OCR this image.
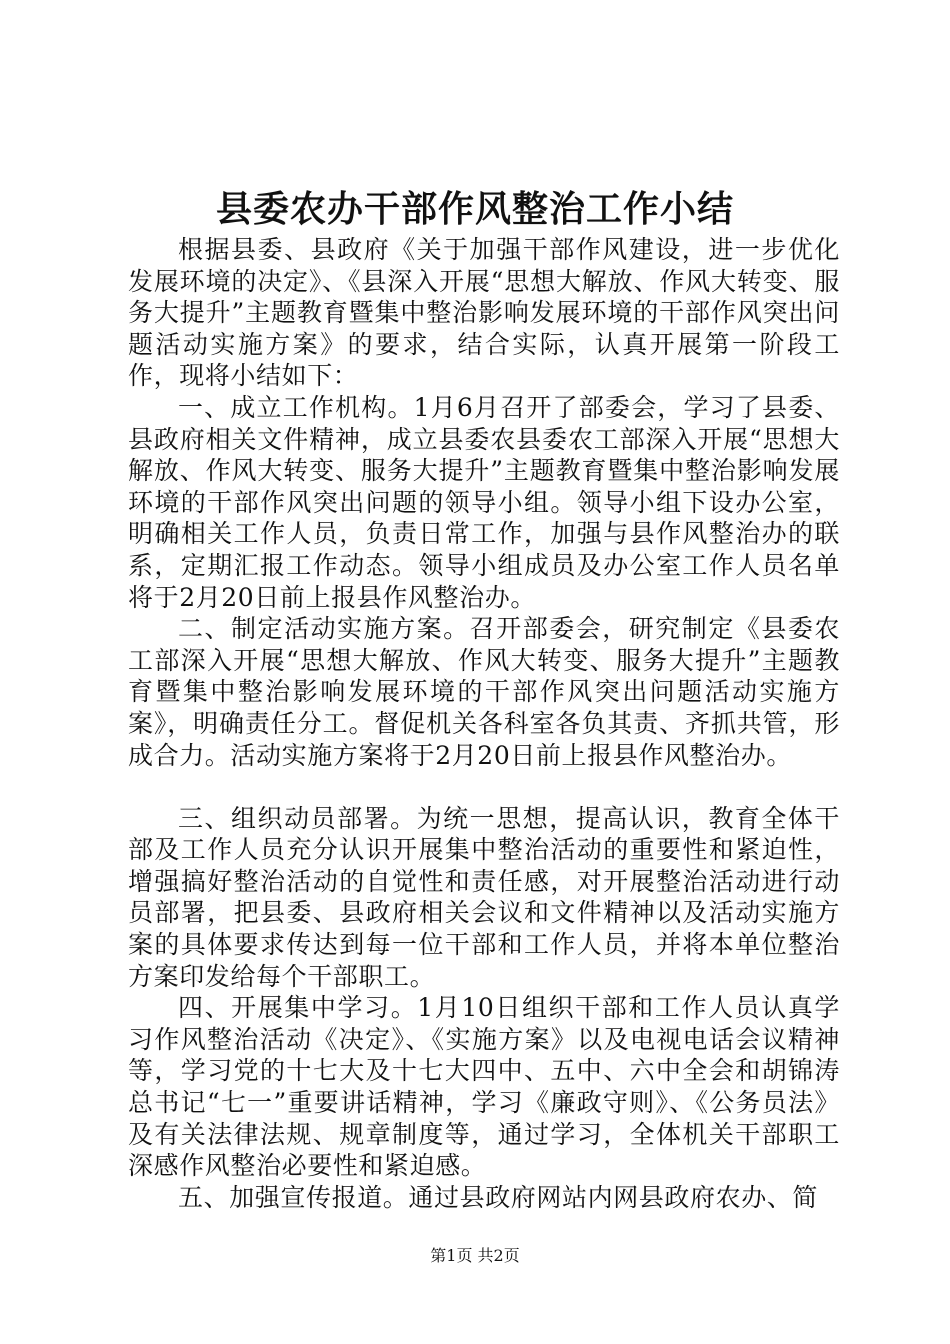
县委农办干部作风整治工作小结

根据县委、县政府《关于加强干部作风建设，进一步优化发展环境的决定》、《县深入开展“思想大解放、作风大转变、服务大提升”主题教育暨集中整治影响发展环境的干部作风突出问题活动实施方案》的要求，结合实际，认真开展第一阶段工作，现将小结如下：

一、成立工作机构。1月6月召开了部委会，学习了县委、县政府相关文件精神，成立县委农县委农工部深入开展“思想大解放、作风大转变、服务大提升”主题教育暨集中整治影响发展环境的干部作风突出问题的领导小组。领导小组下设办公室，明确相关工作人员，负责日常工作，加强与县作风整治办的联系，定期汇报工作动态。领导小组成员及办公室工作人员名单将于2月20日前上报县作风整治办。

二、制定活动实施方案。召开部委会，研究制定《县委农工部深入开展“思想大解放、作风大转变、服务大提升”主题教育暨集中整治影响发展环境的干部作风突出问题活动实施方案》，明确责任分工。督促机关各科室各负其责、齐抓共管，形成合力。活动实施方案将于2月20日前上报县作风整治办。

三、组织动员部署。为统一思想，提高认识，教育全体干部及工作人员充分认识开展集中整治活动的重要性和紧迫性，增强搞好整治活动的自觉性和责任感，对开展整治活动进行动员部署，把县委、县政府相关会议和文件精神以及活动实施方案的具体要求传达到每一位干部和工作人员，并将本单位整治方案印发给每个干部职工。

四、开展集中学习。1月10日组织干部和工作人员认真学习作风整治活动《决定》、《实施方案》以及电视电话会议精神等，学习党的十七大及十七大四中、五中、六中全会和胡锦涛总书记“七一”重要讲话精神，学习《廉政守则》、《公务员法》及有关法律法规、规章制度等，通过学习，全体机关干部职工深感作风整治必要性和紧迫感。

五、加强宣传报道。通过县政府网站内网县政府农办、简

第1页 共2页
